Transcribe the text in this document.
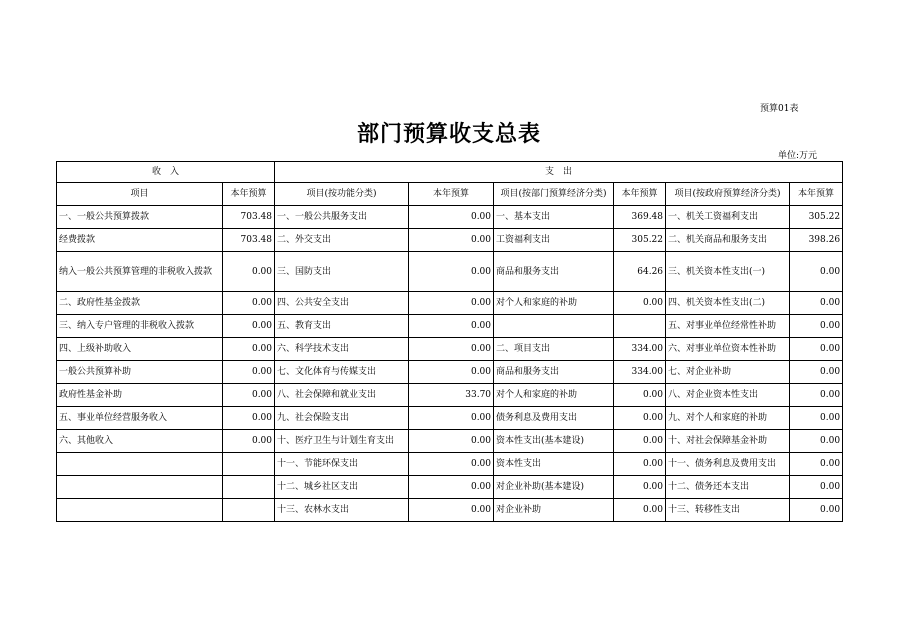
预算01表
部门预算收支总表
单位:万元
收　入		支　出					
项目	本年预算	项目(按功能分类)	本年预算	项目(按部门预算经济分类)	本年预算	项目(按政府预算经济分类)	本年预算
一、一般公共预算拨款	703.48	一、一般公共服务支出	0.00	一、基本支出	369.48	一、机关工资福利支出	305.22
经费拨款	703.48	二、外交支出	0.00	工资福利支出	305.22	二、机关商品和服务支出	398.26
纳入一般公共预算管理的非税收入拨款	0.00	三、国防支出	0.00	商品和服务支出	64.26	三、机关资本性支出(一)	0.00
二、政府性基金拨款	0.00	四、公共安全支出	0.00	对个人和家庭的补助	0.00	四、机关资本性支出(二)	0.00
三、纳入专户管理的非税收入拨款	0.00	五、教育支出	0.00			五、对事业单位经常性补助	0.00
四、上级补助收入	0.00	六、科学技术支出	0.00	二、项目支出	334.00	六、对事业单位资本性补助	0.00
一般公共预算补助	0.00	七、文化体育与传媒支出	0.00	商品和服务支出	334.00	七、对企业补助	0.00
政府性基金补助	0.00	八、社会保障和就业支出	33.70	对个人和家庭的补助	0.00	八、对企业资本性支出	0.00
五、事业单位经营服务收入	0.00	九、社会保险支出	0.00	债务利息及费用支出	0.00	九、对个人和家庭的补助	0.00
六、其他收入	0.00	十、医疗卫生与计划生育支出	0.00	资本性支出(基本建设)	0.00	十、对社会保障基金补助	0.00
		十一、节能环保支出	0.00	资本性支出	0.00	十一、债务利息及费用支出	0.00
		十二、城乡社区支出	0.00	对企业补助(基本建设)	0.00	十二、债务还本支出	0.00
		十三、农林水支出	0.00	对企业补助	0.00	十三、转移性支出	0.00
